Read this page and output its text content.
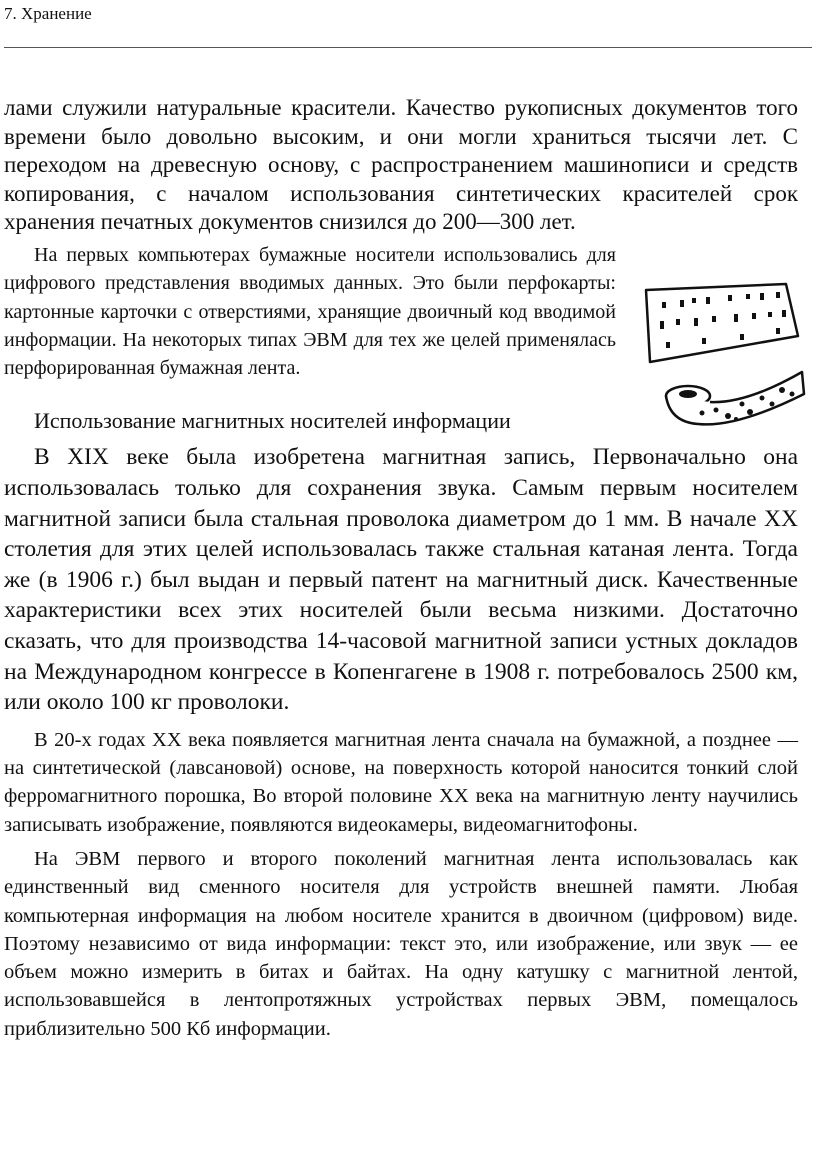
7. Хранение

лами служили натуральные красители. Качество рукописных документов того времени было довольно высоким, и они могли храниться тысячи лет. С переходом на древесную основу, с распространением машинописи и средств копирования, с началом использования синтетических красителей срок хранения печатных документов снизился до 200—300 лет.

На первых компьютерах бумажные носители использовались для цифрового представления вводимых данных. Это были перфокарты: картонные карточки с отверстиями, хранящие двоичный код вводимой информации. На некоторых типах ЭВМ для тех же целей применялась перфорированная бумажная лента.

Использование магнитных носителей информации

В XIX веке была изобретена магнитная запись, Первоначально она использовалась только для сохранения звука. Самым первым носителем магнитной записи была стальная проволока диаметром до 1 мм. В начале XX столетия для этих целей использовалась также стальная катаная лента. Тогда же (в 1906 г.) был выдан и первый патент на магнитный диск. Качественные характеристики всех этих носителей были весьма низкими. Достаточно сказать, что для производства 14-часовой магнитной записи устных докладов на Международном конгрессе в Копенгагене в 1908 г. потребовалось 2500 км, или около 100 кг проволоки.

В 20-х годах XX века появляется магнитная лента сначала на бумажной, а позднее — на синтетической (лавсановой) основе, на поверхность которой наносится тонкий слой ферромагнитного порошка, Во второй половине XX века на магнитную ленту научились записывать изображение, появляются видеокамеры, видеомагнитофоны.

На ЭВМ первого и второго поколений магнитная лента использовалась как единственный вид сменного носителя для устройств внешней памяти. Любая компьютерная информация на любом носителе хранится в двоичном (цифровом) виде. Поэтому независимо от вида информации: текст это, или изображение, или звук — ее объем можно измерить в битах и байтах. На одну катушку с магнитной лентой, использовавшейся в лентопротяжных устройствах первых ЭВМ, помещалось приблизительно 500 Кб информации.
